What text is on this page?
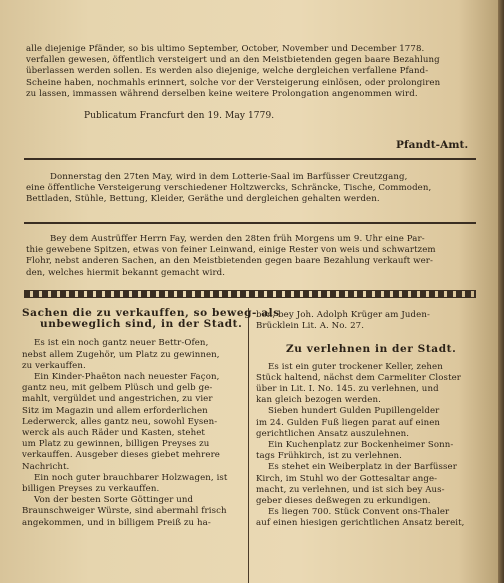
alle diejenige Pfänder, so bis ultimo September, October, November und December 1778.
verfallen gewesen, öffentlich versteigert und an den Meistbietenden gegen baare Bezahlung
überlassen werden sollen. Es werden also diejenige, welche dergleichen verfallene Pfand-
Scheine haben, nochmahls erinnert, solche vor der Versteigerung einlösen, oder prolongiren
zu lassen, immassen während derselben keine weitere Prolongation angenommen wird.
Publicatum Francfurt den 19. May 1779.
Pfandt-Amt.
Donnerstag den 27ten May, wird in dem Lotterie-Saal im Barfüsser Creutzgang,
eine öffentliche Versteigerung verschiedener Holtzwercks, Schräncke, Tische, Commoden,
Bettladen, Stühle, Bettung, Kleider, Geräthe und dergleichen gehalten werden.
Bey dem Austrüffer Herrn Fay, werden den 28ten früh Morgens um 9. Uhr eine Par-
thie gewebene Spitzen, etwas von feiner Leinwand, einige Rester von weis und schwartzem
Flohr, nebst anderen Sachen, an den Meistbietenden gegen baare Bezahlung verkauft wer-
den, welches hiermit bekannt gemacht wird.
Sachen die zu verkauffen, so beweg- als
unbeweglich sind, in der Stadt.
Es ist ein noch gantz neuer Bettr-Ofen,
nebst allem Zugehör, um Platz zu gewinnen,
zu verkauffen.
Ein Kinder-Phaëton nach neuester Façon,
gantz neu, mit gelbem Plüsch und gelb ge-
mahlt, vergüldet und angestrichen, zu vier
Sitz im Magazin und allem erforderlichen
Lederwerck, alles gantz neu, sowohl Eysen-
werck als auch Räder und Kasten, stehet
um Platz zu gewinnen, billigen Preyses zu
verkauffen. Ausgeber dieses giebet mehrere
Nachricht.
Ein noch guter brauchbarer Holzwagen, ist
billigen Preyses zu verkauffen.
Von der besten Sorte Göttinger und
Braunschweiger Würste, sind abermahl frisch
angekommen, und in billigem Preiß zu ha-
ben, bey Joh. Adolph Krüger am Juden-
Brücklein Lit. A. No. 27.
Zu verlehnen in der Stadt.
Es ist ein guter trockener Keller, zehen
Stück haltend, nächst dem Carmeliter Closter
über in Lit. I. No. 145. zu verlehnen, und
kan gleich bezogen werden.
Sieben hundert Gulden Pupillengelder
im 24. Gulden Fuß liegen parat auf einen
gerichtlichen Ansatz auszulehnen.
Ein Kuchenplatz zur Bockenheimer Sonn-
tags Frühkirch, ist zu verlehnen.
Es stehet ein Weiberplatz in der Barfüsser
Kirch, im Stuhl wo der Gottesaltar ange-
macht, zu verlehnen, und ist sich bey Aus-
geber dieses deßwegen zu erkundigen.
Es liegen 700. Stück Convent ons-Thaler
auf einen hiesigen gerichtlichen Ansatz bereit,
